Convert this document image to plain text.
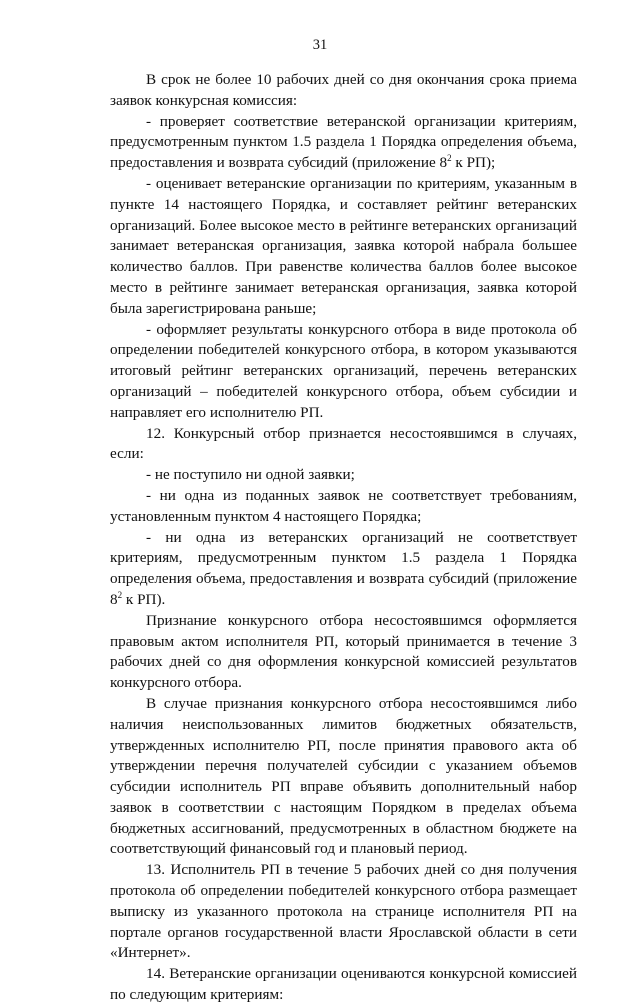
31

В срок не более 10 рабочих дней со дня окончания срока приема заявок конкурсная комиссия:

- проверяет соответствие ветеранской организации критериям, предусмотренным пунктом 1.5 раздела 1 Порядка определения объема, предоставления и возврата субсидий (приложение $8^2$ к РП);

- оценивает ветеранские организации по критериям, указанным в пункте 14 настоящего Порядка, и составляет рейтинг ветеранских организаций. Более высокое место в рейтинге ветеранских организаций занимает ветеранская организация, заявка которой набрала большее количество баллов. При равенстве количества баллов более высокое место в рейтинге занимает ветеранская организация, заявка которой была зарегистрирована раньше;

- оформляет результаты конкурсного отбора в виде протокола об определении победителей конкурсного отбора, в котором указываются итоговый рейтинг ветеранских организаций, перечень ветеранских организаций – победителей конкурсного отбора, объем субсидии и направляет его исполнителю РП.

12. Конкурсный отбор признается несостоявшимся в случаях, если:

- не поступило ни одной заявки;

- ни одна из поданных заявок не соответствует требованиям, установленным пунктом 4 настоящего Порядка;

- ни одна из ветеранских организаций не соответствует критериям, предусмотренным пунктом 1.5 раздела 1 Порядка определения объема, предоставления и возврата субсидий (приложение $8^2$ к РП).

Признание конкурсного отбора несостоявшимся оформляется правовым актом исполнителя РП, который принимается в течение 3 рабочих дней со дня оформления конкурсной комиссией результатов конкурсного отбора.

В случае признания конкурсного отбора несостоявшимся либо наличия неиспользованных лимитов бюджетных обязательств, утвержденных исполнителю РП, после принятия правового акта об утверждении перечня получателей субсидии с указанием объемов субсидии исполнитель РП вправе объявить дополнительный набор заявок в соответствии с настоящим Порядком в пределах объема бюджетных ассигнований, предусмотренных в областном бюджете на соответствующий финансовый год и плановый период.

13. Исполнитель РП в течение 5 рабочих дней со дня получения протокола об определении победителей конкурсного отбора размещает выписку из указанного протокола на странице исполнителя РП на портале органов государственной власти Ярославской области в сети «Интернет».

14. Ветеранские организации оцениваются конкурсной комиссией по следующим критериям:
